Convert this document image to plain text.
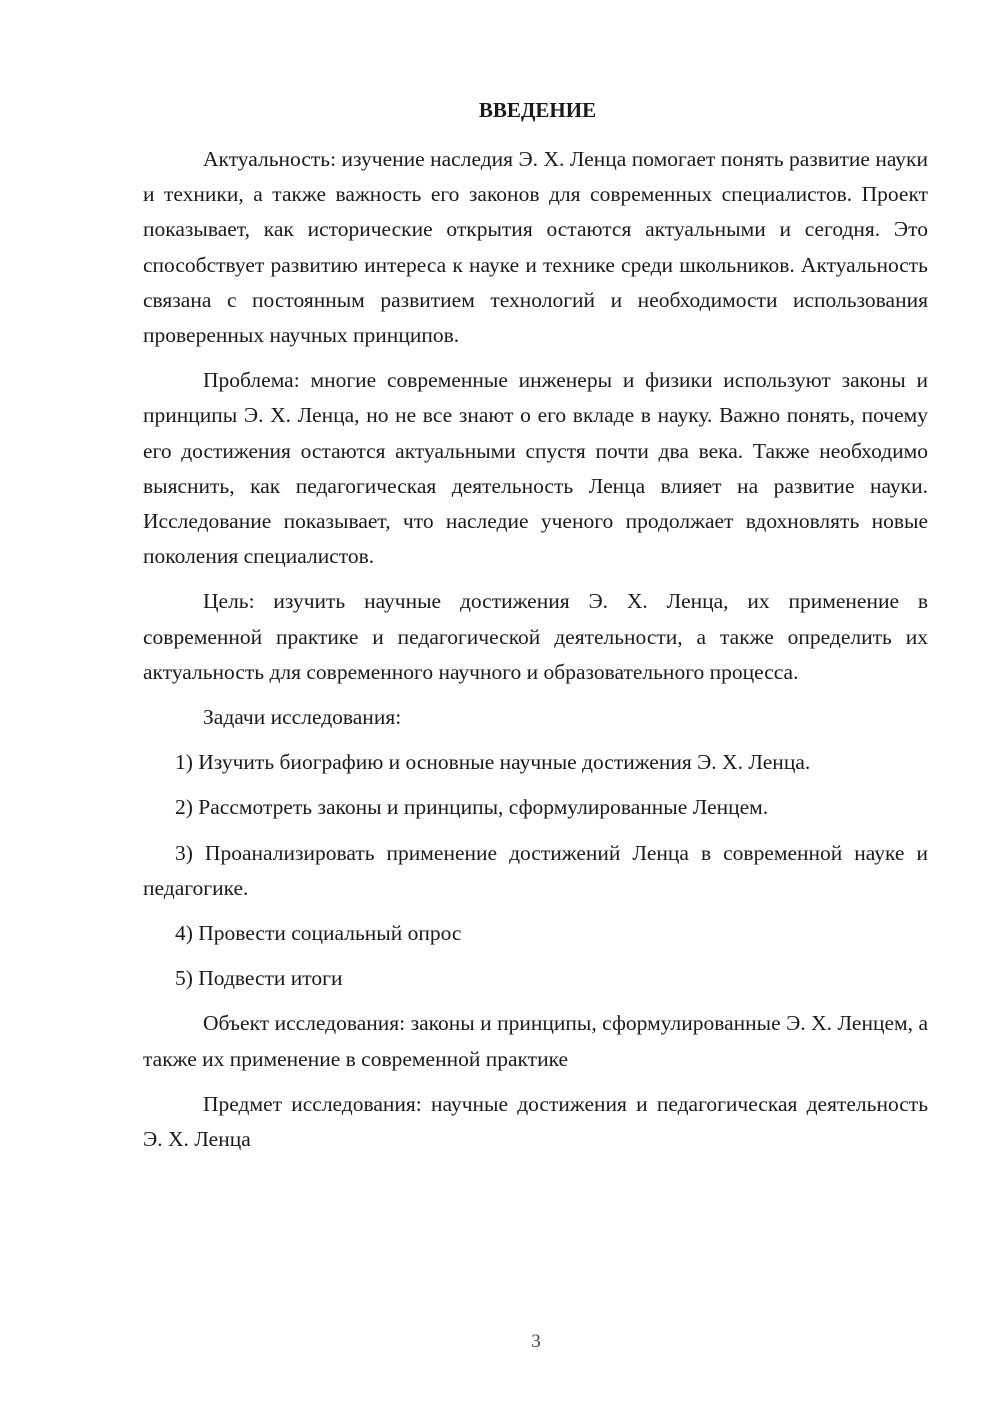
ВВЕДЕНИЕ

Актуальность: изучение наследия Э. Х. Ленца помогает понять развитие науки и техники, а также важность его законов для современных специалистов. Проект показывает, как исторические открытия остаются актуальными и сегодня. Это способствует развитию интереса к науке и технике среди школьников. Актуальность связана с постоянным развитием технологий и необходимости использования проверенных научных принципов.

Проблема: многие современные инженеры и физики используют законы и принципы Э. Х. Ленца, но не все знают о его вкладе в науку. Важно понять, почему его достижения остаются актуальными спустя почти два века. Также необходимо выяснить, как педагогическая деятельность Ленца влияет на развитие науки. Исследование показывает, что наследие ученого продолжает вдохновлять новые поколения специалистов.

Цель: изучить научные достижения Э. Х. Ленца, их применение в современной практике и педагогической деятельности, а также определить их актуальность для современного научного и образовательного процесса.

Задачи исследования:

1) Изучить биографию и основные научные достижения Э. Х. Ленца.

2) Рассмотреть законы и принципы, сформулированные Ленцем.

3) Проанализировать применение достижений Ленца в современной науке и педагогике.

4) Провести социальный опрос

5) Подвести итоги

Объект исследования: законы и принципы, сформулированные Э. Х. Ленцем, а также их применение в современной практике

Предмет исследования: научные достижения и педагогическая деятельность Э. Х. Ленца

3
